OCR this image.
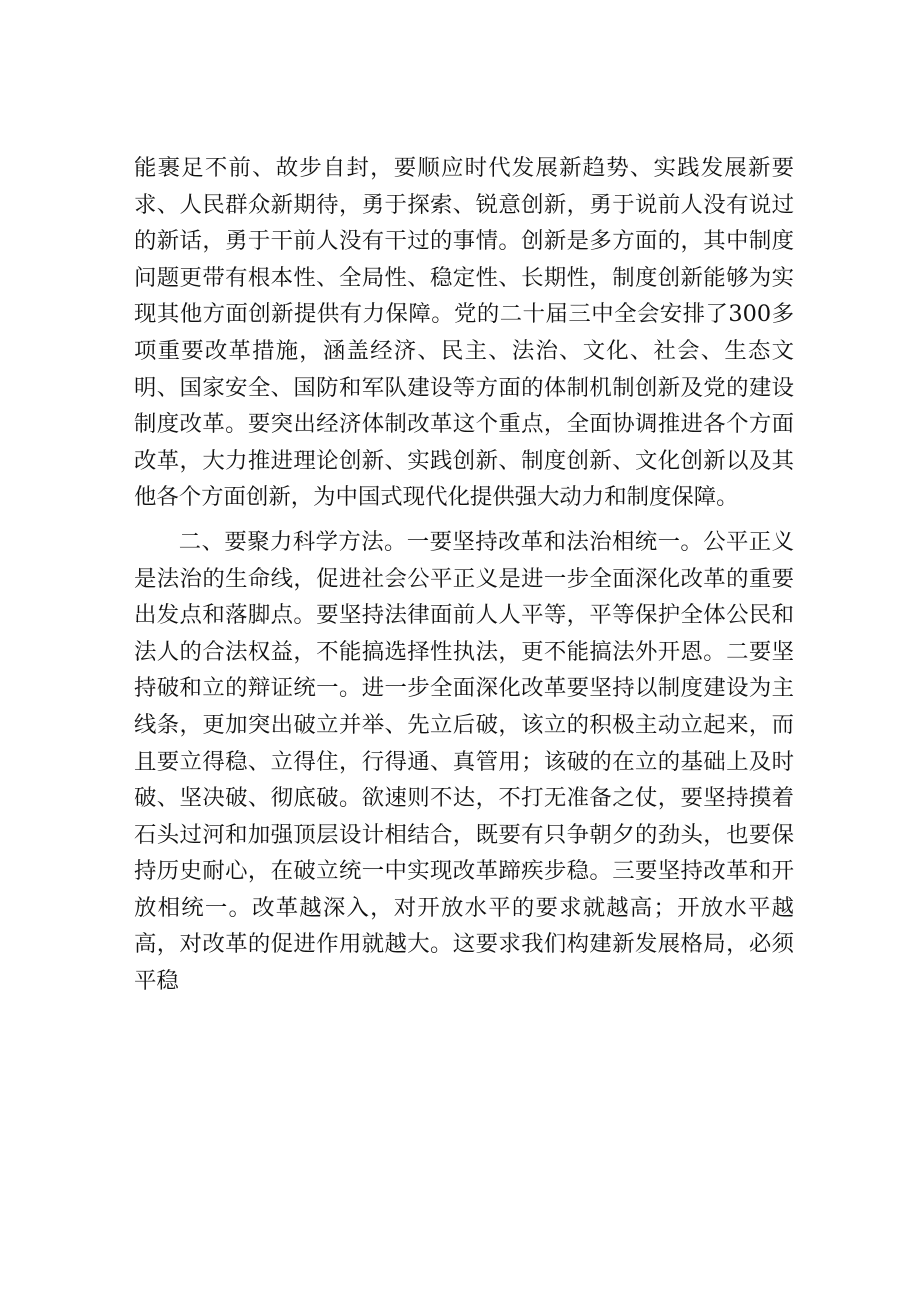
能裹足不前、故步自封，要顺应时代发展新趋势、实践发展新要求、人民群众新期待，勇于探索、锐意创新，勇于说前人没有说过的新话，勇于干前人没有干过的事情。创新是多方面的，其中制度问题更带有根本性、全局性、稳定性、长期性，制度创新能够为实现其他方面创新提供有力保障。党的二十届三中全会安排了300多项重要改革措施，涵盖经济、民主、法治、文化、社会、生态文明、国家安全、国防和军队建设等方面的体制机制创新及党的建设制度改革。要突出经济体制改革这个重点，全面协调推进各个方面改革，大力推进理论创新、实践创新、制度创新、文化创新以及其他各个方面创新，为中国式现代化提供强大动力和制度保障。

二、要聚力科学方法。一要坚持改革和法治相统一。公平正义是法治的生命线，促进社会公平正义是进一步全面深化改革的重要出发点和落脚点。要坚持法律面前人人平等，平等保护全体公民和法人的合法权益，不能搞选择性执法，更不能搞法外开恩。二要坚持破和立的辩证统一。进一步全面深化改革要坚持以制度建设为主线条，更加突出破立并举、先立后破，该立的积极主动立起来，而且要立得稳、立得住，行得通、真管用；该破的在立的基础上及时破、坚决破、彻底破。欲速则不达，不打无准备之仗，要坚持摸着石头过河和加强顶层设计相结合，既要有只争朝夕的劲头，也要保持历史耐心，在破立统一中实现改革蹄疾步稳。三要坚持改革和开放相统一。改革越深入，对开放水平的要求就越高；开放水平越高，对改革的促进作用就越大。这要求我们构建新发展格局，必须平稳
